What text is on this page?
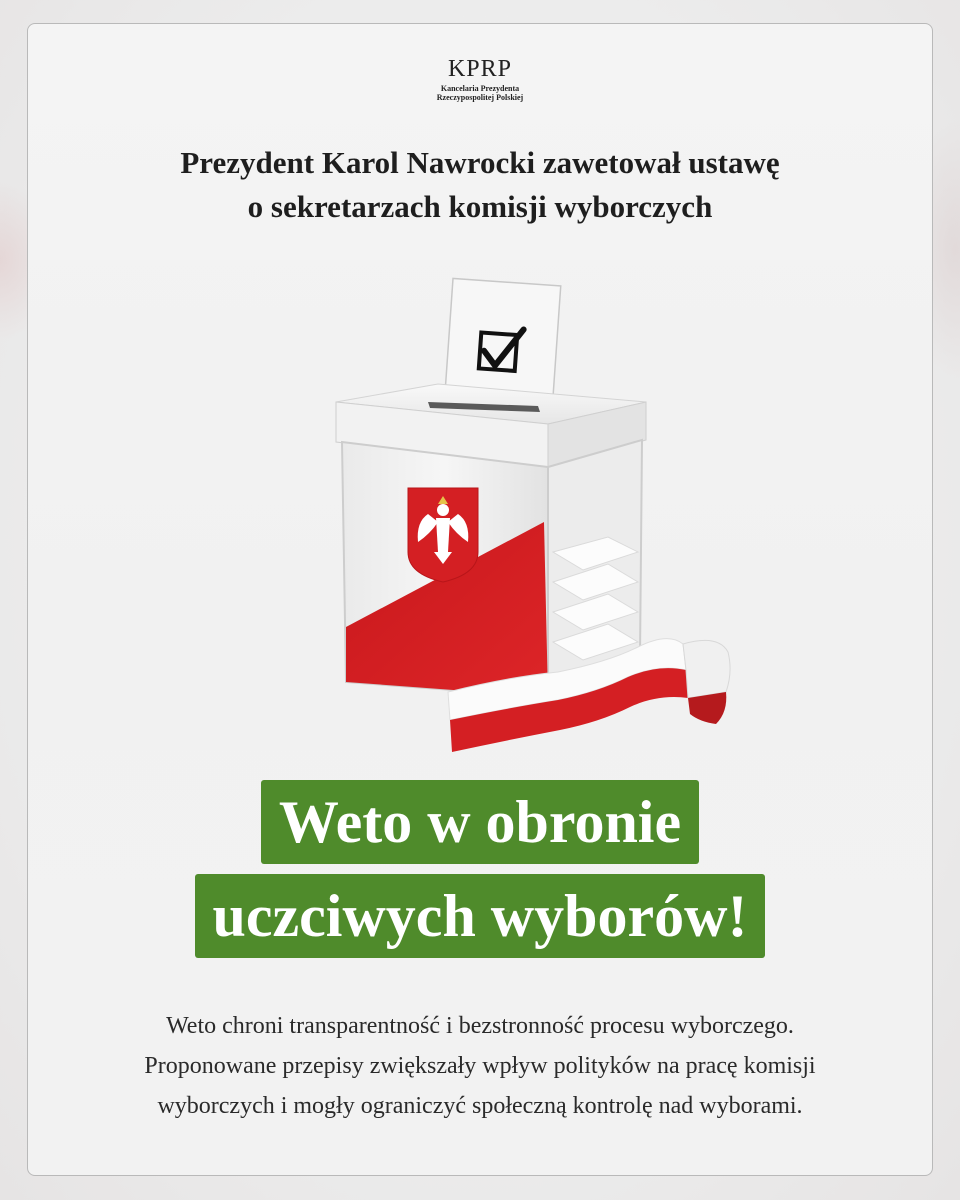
KPRP
Kancelaria Prezydenta Rzeczypospolitej Polskiej
Prezydent Karol Nawrocki zawetował ustawę
o sekretarzach komisji wyborczych
Weto w obronie
uczciwych wyborów!
Weto chroni transparentność i bezstronność procesu wyborczego.
Proponowane przepisy zwiększały wpływ polityków na pracę komisji
wyborczych i mogły ograniczyć społeczną kontrolę nad wyborami.
